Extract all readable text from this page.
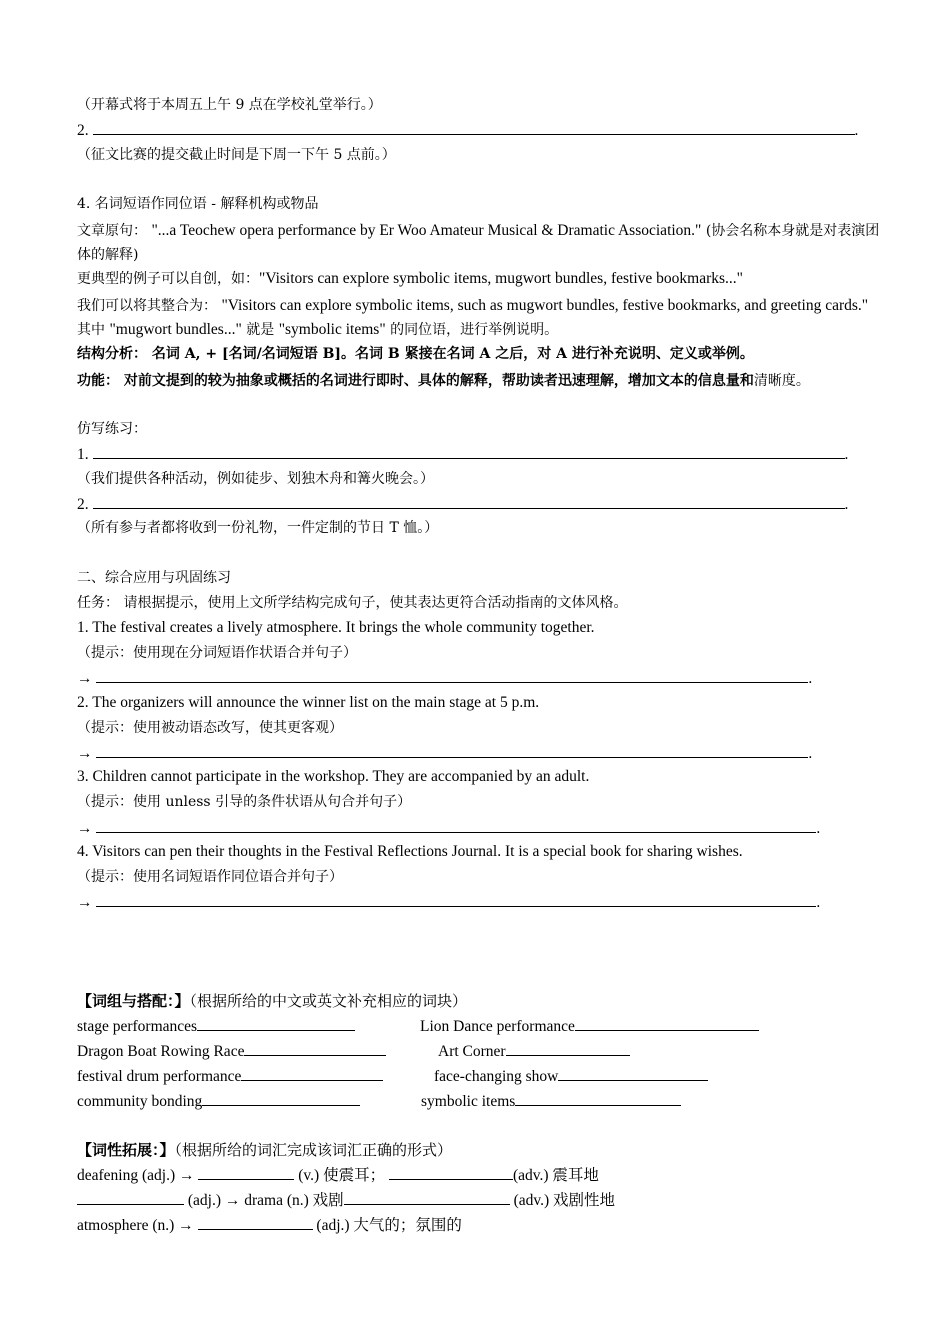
（开幕式将于本周五上午 9 点在学校礼堂举行。）
2.	.
（征文比赛的提交截止时间是下周一下午 5 点前。）
4. 名词短语作同位语 - 解释机构或物品
文章原句： "...a Teochew opera performance by Er Woo Amateur Musical & Dramatic Association." (协会名称本身就是对表演团体的解释)
更典型的例子可以自创，如："Visitors can explore symbolic items, mugwort bundles, festive bookmarks..."
我们可以将其整合为： "Visitors can explore symbolic items, such as mugwort bundles, festive bookmarks, and greeting cards." 其中 "mugwort bundles..." 就是 "symbolic items" 的同位语，进行举例说明。
结构分析： 名词 A, + [名词/名词短语 B]。名词 B 紧接在名词 A 之后，对 A 进行补充说明、定义或举例。
功能： 对前文提到的较为抽象或概括的名词进行即时、具体的解释，帮助读者迅速理解，增加文本的信息量和清晰度。
仿写练习：
1.	.
（我们提供各种活动，例如徒步、划独木舟和篝火晚会。）
2.	.
（所有参与者都将收到一份礼物，一件定制的节日 T 恤。）
二、综合应用与巩固练习
任务： 请根据提示，使用上文所学结构完成句子，使其表达更符合活动指南的文体风格。
1. The festival creates a lively atmosphere. It brings the whole community together.
（提示：使用现在分词短语作状语合并句子）
→	.
2. The organizers will announce the winner list on the main stage at 5 p.m.
（提示：使用被动语态改写，使其更客观）
→	.
3. Children cannot participate in the workshop. They are accompanied by an adult.
（提示：使用 unless 引导的条件状语从句合并句子）
→	.
4. Visitors can pen their thoughts in the Festival Reflections Journal. It is a special book for sharing wishes.
（提示：使用名词短语作同位语合并句子）
→	.
【词组与搭配：】（根据所给的中文或英文补充相应的词块）
stage performances	Lion Dance performance
Dragon Boat Rowing Race	Art Corner
festival drum performance	face-changing show
community bonding	symbolic items
【词性拓展：】（根据所给的词汇完成该词汇正确的形式）
deafening (adj.) →	(v.) 使震耳；	(adv.) 震耳地
(adj.) → drama (n.) 戏剧	(adv.) 戏剧性地
atmosphere (n.) →	(adj.) 大气的；氛围的
